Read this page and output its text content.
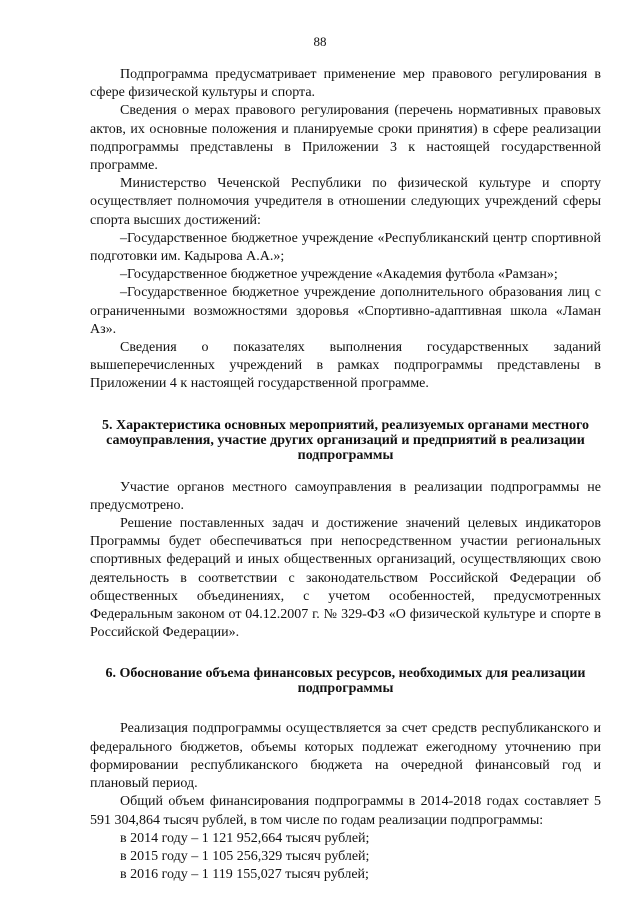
88

Подпрограмма предусматривает применение мер правового регулирования в сфере физической культуры и спорта.

Сведения о мерах правового регулирования (перечень нормативных правовых актов, их основные положения и планируемые сроки принятия) в сфере реализации подпрограммы представлены в Приложении 3 к настоящей государственной программе.

Министерство Чеченской Республики по физической культуре и спорту осуществляет полномочия учредителя в отношении следующих учреждений сферы спорта высших достижений:

–Государственное бюджетное учреждение «Республиканский центр спортивной подготовки им. Кадырова А.А.»;

–Государственное бюджетное учреждение «Академия футбола «Рамзан»;

–Государственное бюджетное учреждение дополнительного образования лиц с ограниченными возможностями здоровья «Спортивно-адаптивная школа «Ламан Аз».

Сведения о показателях выполнения государственных заданий вышеперечисленных учреждений в рамках подпрограммы представлены в Приложении 4 к настоящей государственной программе.

5. Характеристика основных мероприятий, реализуемых органами местного самоуправления, участие других организаций и предприятий в реализации подпрограммы

Участие органов местного самоуправления в реализации подпрограммы не предусмотрено.

Решение поставленных задач и достижение значений целевых индикаторов Программы будет обеспечиваться при непосредственном участии региональных спортивных федераций и иных общественных организаций, осуществляющих свою деятельность в соответствии с законодательством Российской Федерации об общественных объединениях, с учетом особенностей, предусмотренных Федеральным законом от 04.12.2007 г. № 329-ФЗ «О физической культуре и спорте в Российской Федерации».

6. Обоснование объема финансовых ресурсов, необходимых для реализации подпрограммы

Реализация подпрограммы осуществляется за счет средств республиканского и федерального бюджетов, объемы которых подлежат ежегодному уточнению при формировании республиканского бюджета на очередной финансовый год и плановый период.

Общий объем финансирования подпрограммы в 2014-2018 годах составляет 5 591 304,864 тысяч рублей, в том числе по годам реализации подпрограммы:

в 2014 году – 1 121 952,664 тысяч рублей;

в 2015 году – 1 105 256,329 тысяч рублей;

в 2016 году – 1 119 155,027 тысяч рублей;
